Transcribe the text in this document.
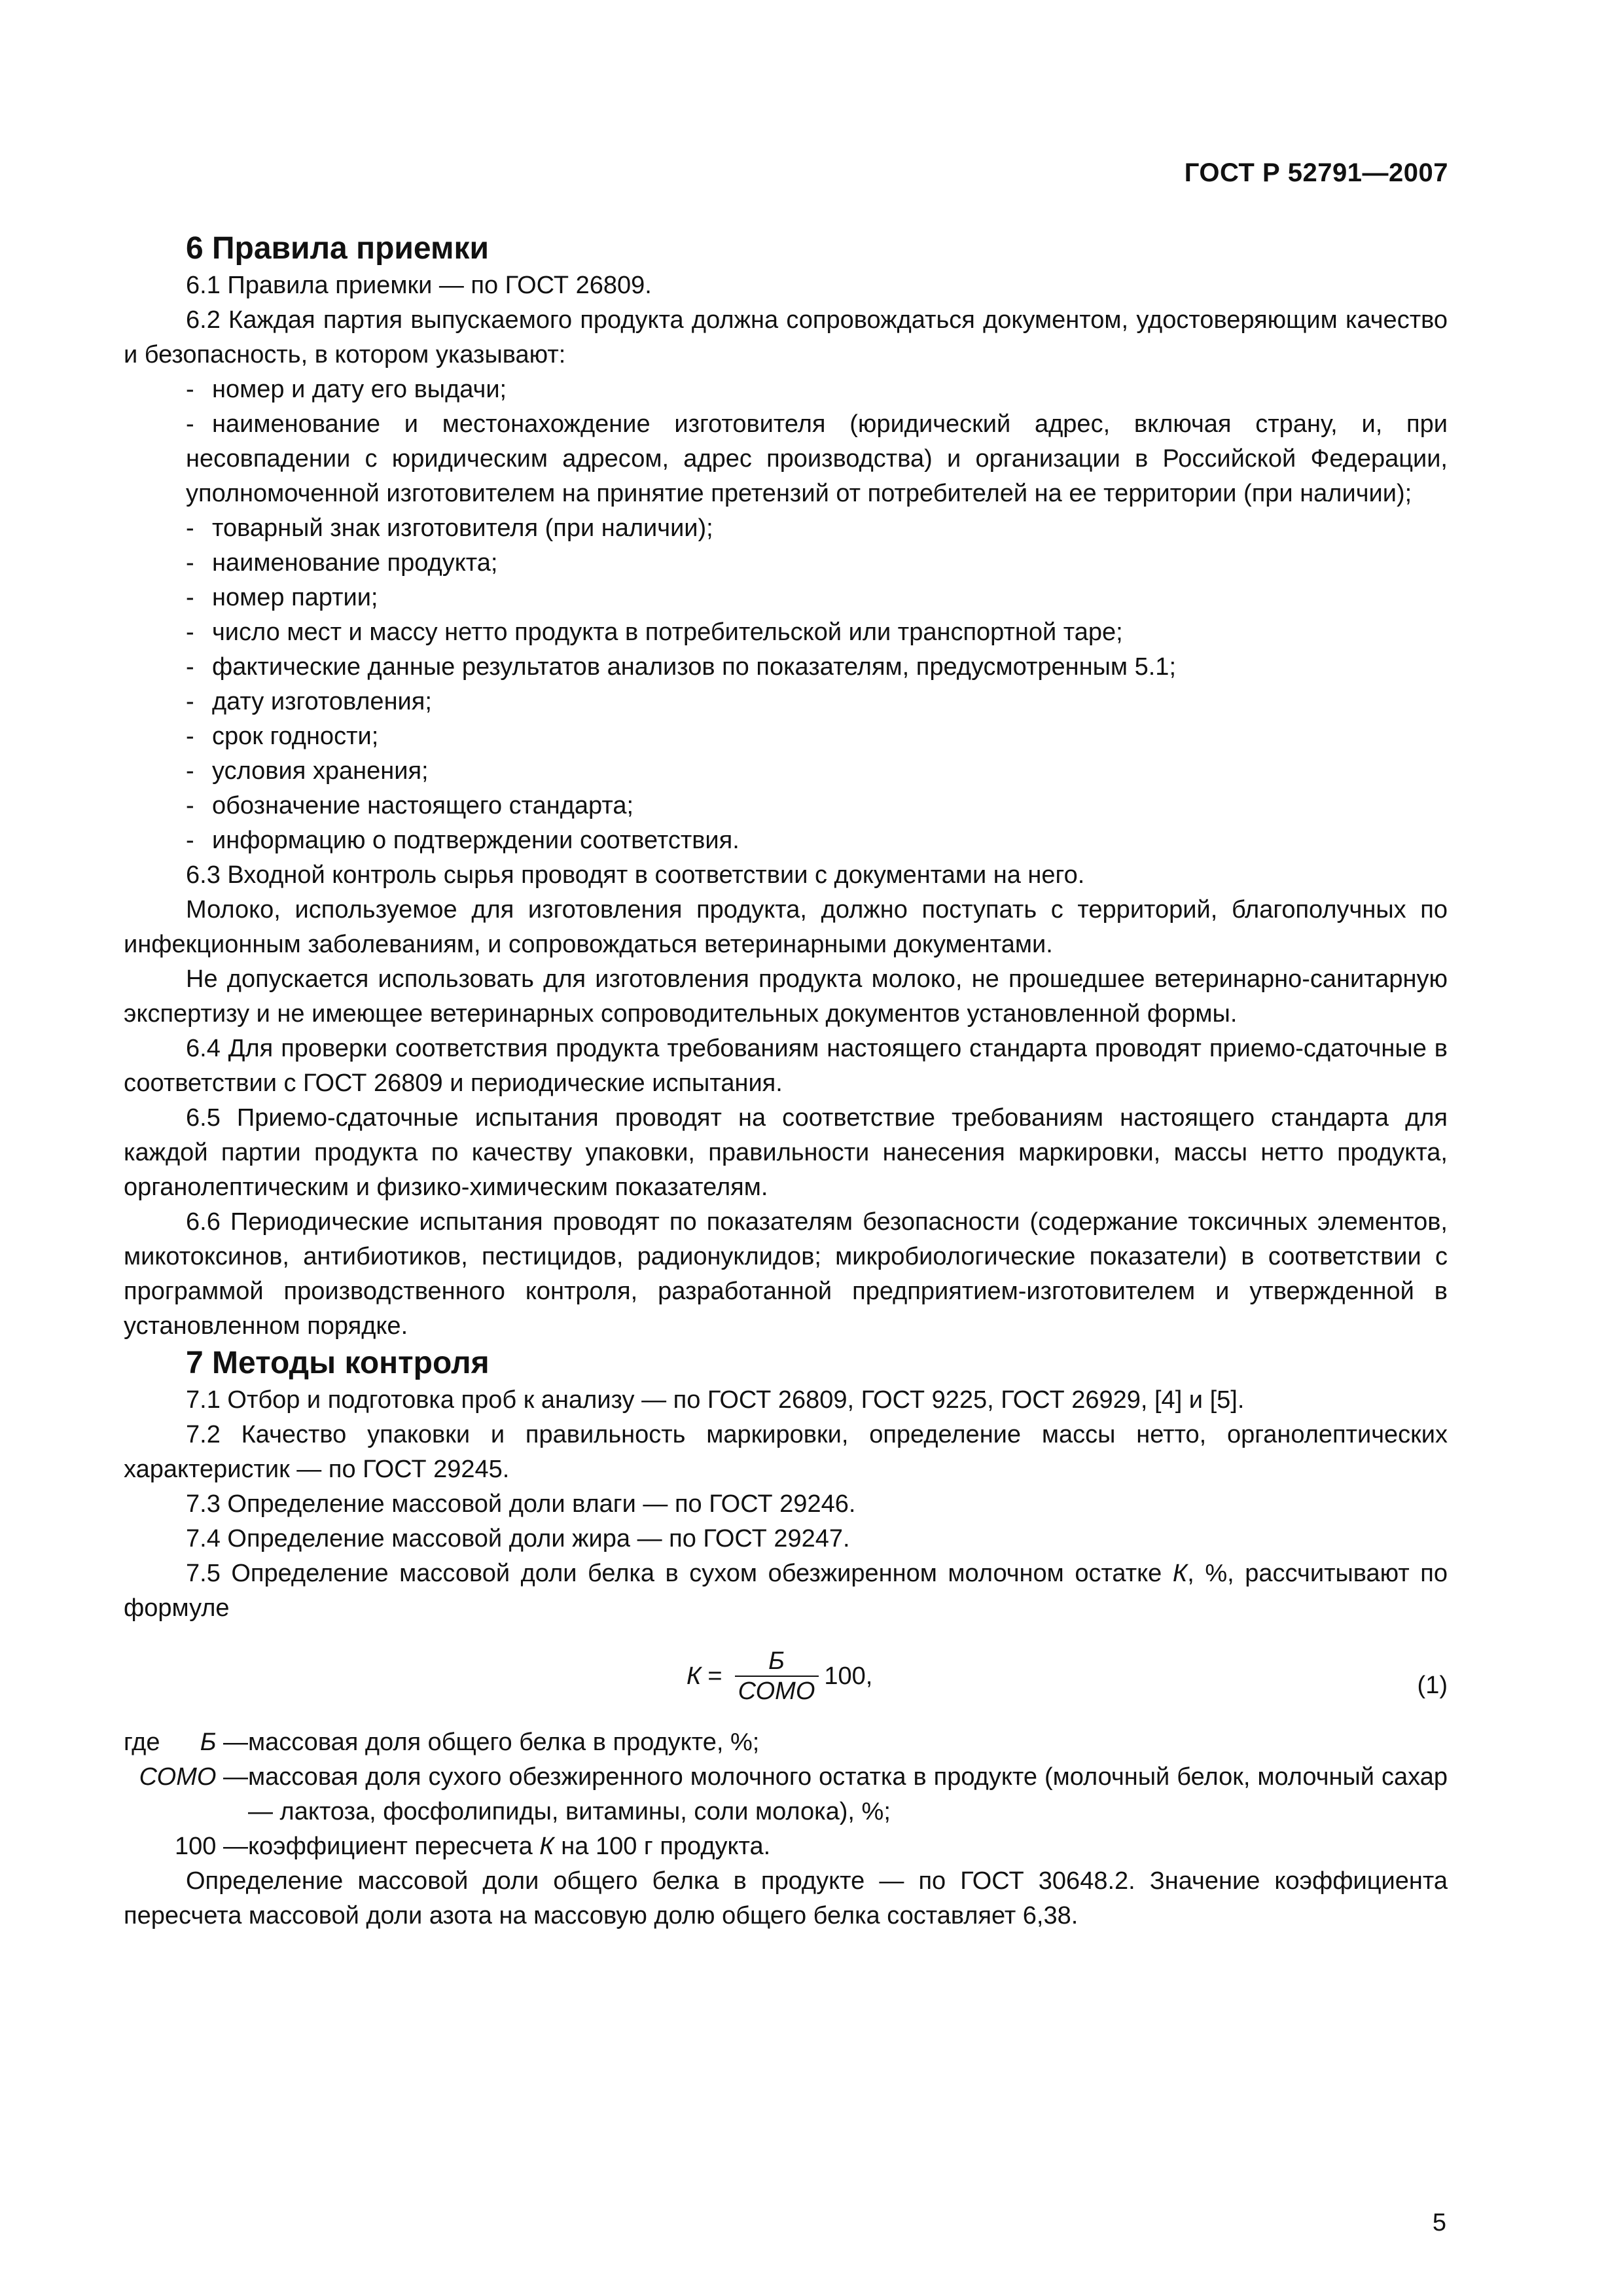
ГОСТ Р 52791—2007
6 Правила приемки

6.1 Правила приемки — по ГОСТ 26809.

6.2 Каждая партия выпускаемого продукта должна сопровождаться документом, удостоверяющим качество и безопасность, в котором указывают:

- номер и дату его выдачи;

- наименование и местонахождение изготовителя (юридический адрес, включая страну, и, при несовпадении с юридическим адресом, адрес производства) и организации в Российской Федерации, уполномоченной изготовителем на принятие претензий от потребителей на ее территории (при наличии);

- товарный знак изготовителя (при наличии);

- наименование продукта;

- номер партии;

- число мест и массу нетто продукта в потребительской или транспортной таре;

- фактические данные результатов анализов по показателям, предусмотренным 5.1;

- дату изготовления;

- срок годности;

- условия хранения;

- обозначение настоящего стандарта;

- информацию о подтверждении соответствия.

6.3 Входной контроль сырья проводят в соответствии с документами на него.

Молоко, используемое для изготовления продукта, должно поступать с территорий, благополучных по инфекционным заболеваниям, и сопровождаться ветеринарными документами.

Не допускается использовать для изготовления продукта молоко, не прошедшее ветеринарно-санитарную экспертизу и не имеющее ветеринарных сопроводительных документов установленной формы.

6.4 Для проверки соответствия продукта требованиям настоящего стандарта проводят приемо-сдаточные в соответствии с ГОСТ 26809 и периодические испытания.

6.5 Приемо-сдаточные испытания проводят на соответствие требованиям настоящего стандарта для каждой партии продукта по качеству упаковки, правильности нанесения маркировки, массы нетто продукта, органолептическим и физико-химическим показателям.

6.6 Периодические испытания проводят по показателям безопасности (содержание токсичных элементов, микотоксинов, антибиотиков, пестицидов, радионуклидов; микробиологические показатели) в соответствии с программой производственного контроля, разработанной предприятием-изготовителем и утвержденной в установленном порядке.

7 Методы контроля

7.1 Отбор и подготовка проб к анализу — по ГОСТ 26809, ГОСТ 9225, ГОСТ 26929, [4] и [5].

7.2 Качество упаковки и правильность маркировки, определение массы нетто, органолептических характеристик — по ГОСТ 29245.

7.3 Определение массовой доли влаги — по ГОСТ 29246.

7.4 Определение массовой доли жира — по ГОСТ 29247.

7.5 Определение массовой доли белка в сухом обезжиренном молочном остатке К, %, рассчитывают по формуле

$К = \frac{Б}{\text{СОМО}} 100$,	(1)
где Б —	массовая доля общего белка в продукте, %;
СОМО —	массовая доля сухого обезжиренного молочного остатка в продукте (молочный белок, молочный сахар — лактоза, фосфолипиды, витамины, соли молока), %;
100 —	коэффициент пересчета К на 100 г продукта.

Определение массовой доли общего белка в продукте — по ГОСТ 30648.2. Значение коэффициента пересчета массовой доли азота на массовую долю общего белка составляет 6,38.

5
